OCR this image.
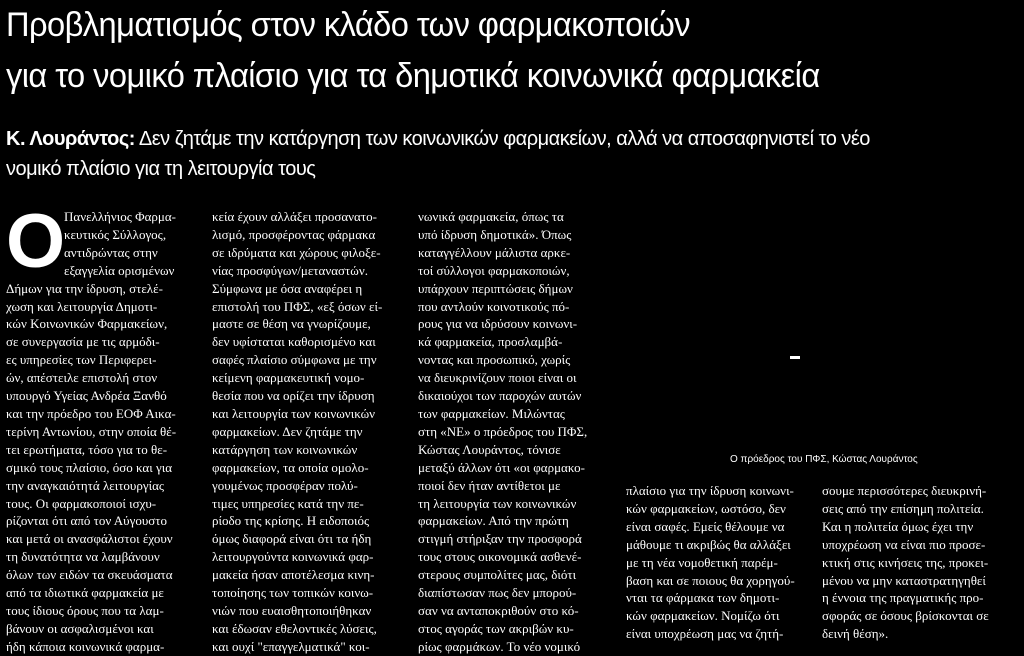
Προβληματισμός στον κλάδο των φαρμακοποιών
για το νομικό πλαίσιο για τα δημοτικά κοινωνικά φαρμακεία
Κ. Λουράντος: Δεν ζητάμε την κατάργηση των κοινωνικών φαρμακείων, αλλά να αποσαφηνιστεί το νέο
νομικό πλαίσιο για τη λειτουργία τους
Ο
Πανελλήνιος Φαρμα-
κευτικός Σύλλογος,
αντιδρώντας στην
εξαγγελία ορισμένων
Δήμων για την ίδρυση, στελέ-
χωση και λειτουργία Δημοτι-
κών Κοινωνικών Φαρμακείων,
σε συνεργασία με τις αρμόδι-
ες υπηρεσίες των Περιφερει-
ών, απέστειλε επιστολή στον
υπουργό Υγείας Ανδρέα Ξανθό
και την πρόεδρο του ΕΟΦ Αικα-
τερίνη Αντωνίου, στην οποία θέ-
τει ερωτήματα, τόσο για το θε-
σμικό τους πλαίσιο, όσο και για
την αναγκαιότητά λειτουργίας
τους. Οι φαρμακοποιοί ισχυ-
ρίζονται ότι από τον Αύγουστο
και μετά οι ανασφάλιστοι έχουν
τη δυνατότητα να λαμβάνουν
όλων των ειδών τα σκευάσματα
από τα ιδιωτικά φαρμακεία με
τους ίδιους όρους που τα λαμ-
βάνουν οι ασφαλισμένοι και
ήδη κάποια κοινωνικά φαρμα-
κεία έχουν αλλάξει προσανατο-
λισμό, προσφέροντας φάρμακα
σε ιδρύματα και χώρους φιλοξε-
νίας προσφύγων/μεταναστών.
Σύμφωνα με όσα αναφέρει η
επιστολή του ΠΦΣ, «εξ όσων εί-
μαστε σε θέση να γνωρίζουμε,
δεν υφίσταται καθορισμένο και
σαφές πλαίσιο σύμφωνα με την
κείμενη φαρμακευτική νομο-
θεσία που να ορίζει την ίδρυση
και λειτουργία των κοινωνικών
φαρμακείων. Δεν ζητάμε την
κατάργηση των κοινωνικών
φαρμακείων, τα οποία ομολο-
γουμένως προσφέραν πολύ-
τιμες υπηρεσίες κατά την πε-
ρίοδο της κρίσης. Η ειδοποιός
όμως διαφορά είναι ότι τα ήδη
λειτουργούντα κοινωνικά φαρ-
μακεία ήσαν αποτέλεσμα κινη-
τοποίησης των τοπικών κοινω-
νιών που ευαισθητοποιήθηκαν
και έδωσαν εθελοντικές λύσεις,
και ουχί "επαγγελματικά" κοι-
νωνικά φαρμακεία, όπως τα
υπό ίδρυση δημοτικά». Όπως
καταγγέλλουν μάλιστα αρκε-
τοί σύλλογοι φαρμακοποιών,
υπάρχουν περιπτώσεις δήμων
που αντλούν κοινοτικούς πό-
ρους για να ιδρύσουν κοινωνι-
κά φαρμακεία, προσλαμβά-
νοντας και προσωπικό, χωρίς
να διευκρινίζουν ποιοι είναι οι
δικαιούχοι των παροχών αυτών
των φαρμακείων. Μιλώντας
στη «ΝΕ» ο πρόεδρος του ΠΦΣ,
Κώστας Λουράντος, τόνισε
μεταξύ άλλων ότι «οι φαρμακο-
ποιοί δεν ήταν αντίθετοι με
τη λειτουργία των κοινωνικών
φαρμακείων. Από την πρώτη
στιγμή στήριξαν την προσφορά
τους στους οικονομικά ασθενέ-
στερους συμπολίτες μας, διότι
διαπίστωσαν πως δεν μπορού-
σαν να ανταποκριθούν στο κό-
στος αγοράς των ακριβών κυ-
ρίως φαρμάκων. Το νέο νομικό
Ο πρόεδρος του ΠΦΣ, Κώστας Λουράντος
πλαίσιο για την ίδρυση κοινωνι-
κών φαρμακείων, ωστόσο, δεν
είναι σαφές. Εμείς θέλουμε να
μάθουμε τι ακριβώς θα αλλάξει
με τη νέα νομοθετική παρέμ-
βαση και σε ποιους θα χορηγού-
νται τα φάρμακα των δημοτι-
κών φαρμακείων. Νομίζω ότι
είναι υποχρέωση μας να ζητή-
σουμε περισσότερες διευκρινή-
σεις από την επίσημη πολιτεία.
Και η πολιτεία όμως έχει την
υποχρέωση να είναι πιο προσε-
κτική στις κινήσεις της, προκει-
μένου να μην καταστρατηγηθεί
η έννοια της πραγματικής προ-
σφοράς σε όσους βρίσκονται σε
δεινή θέση».
